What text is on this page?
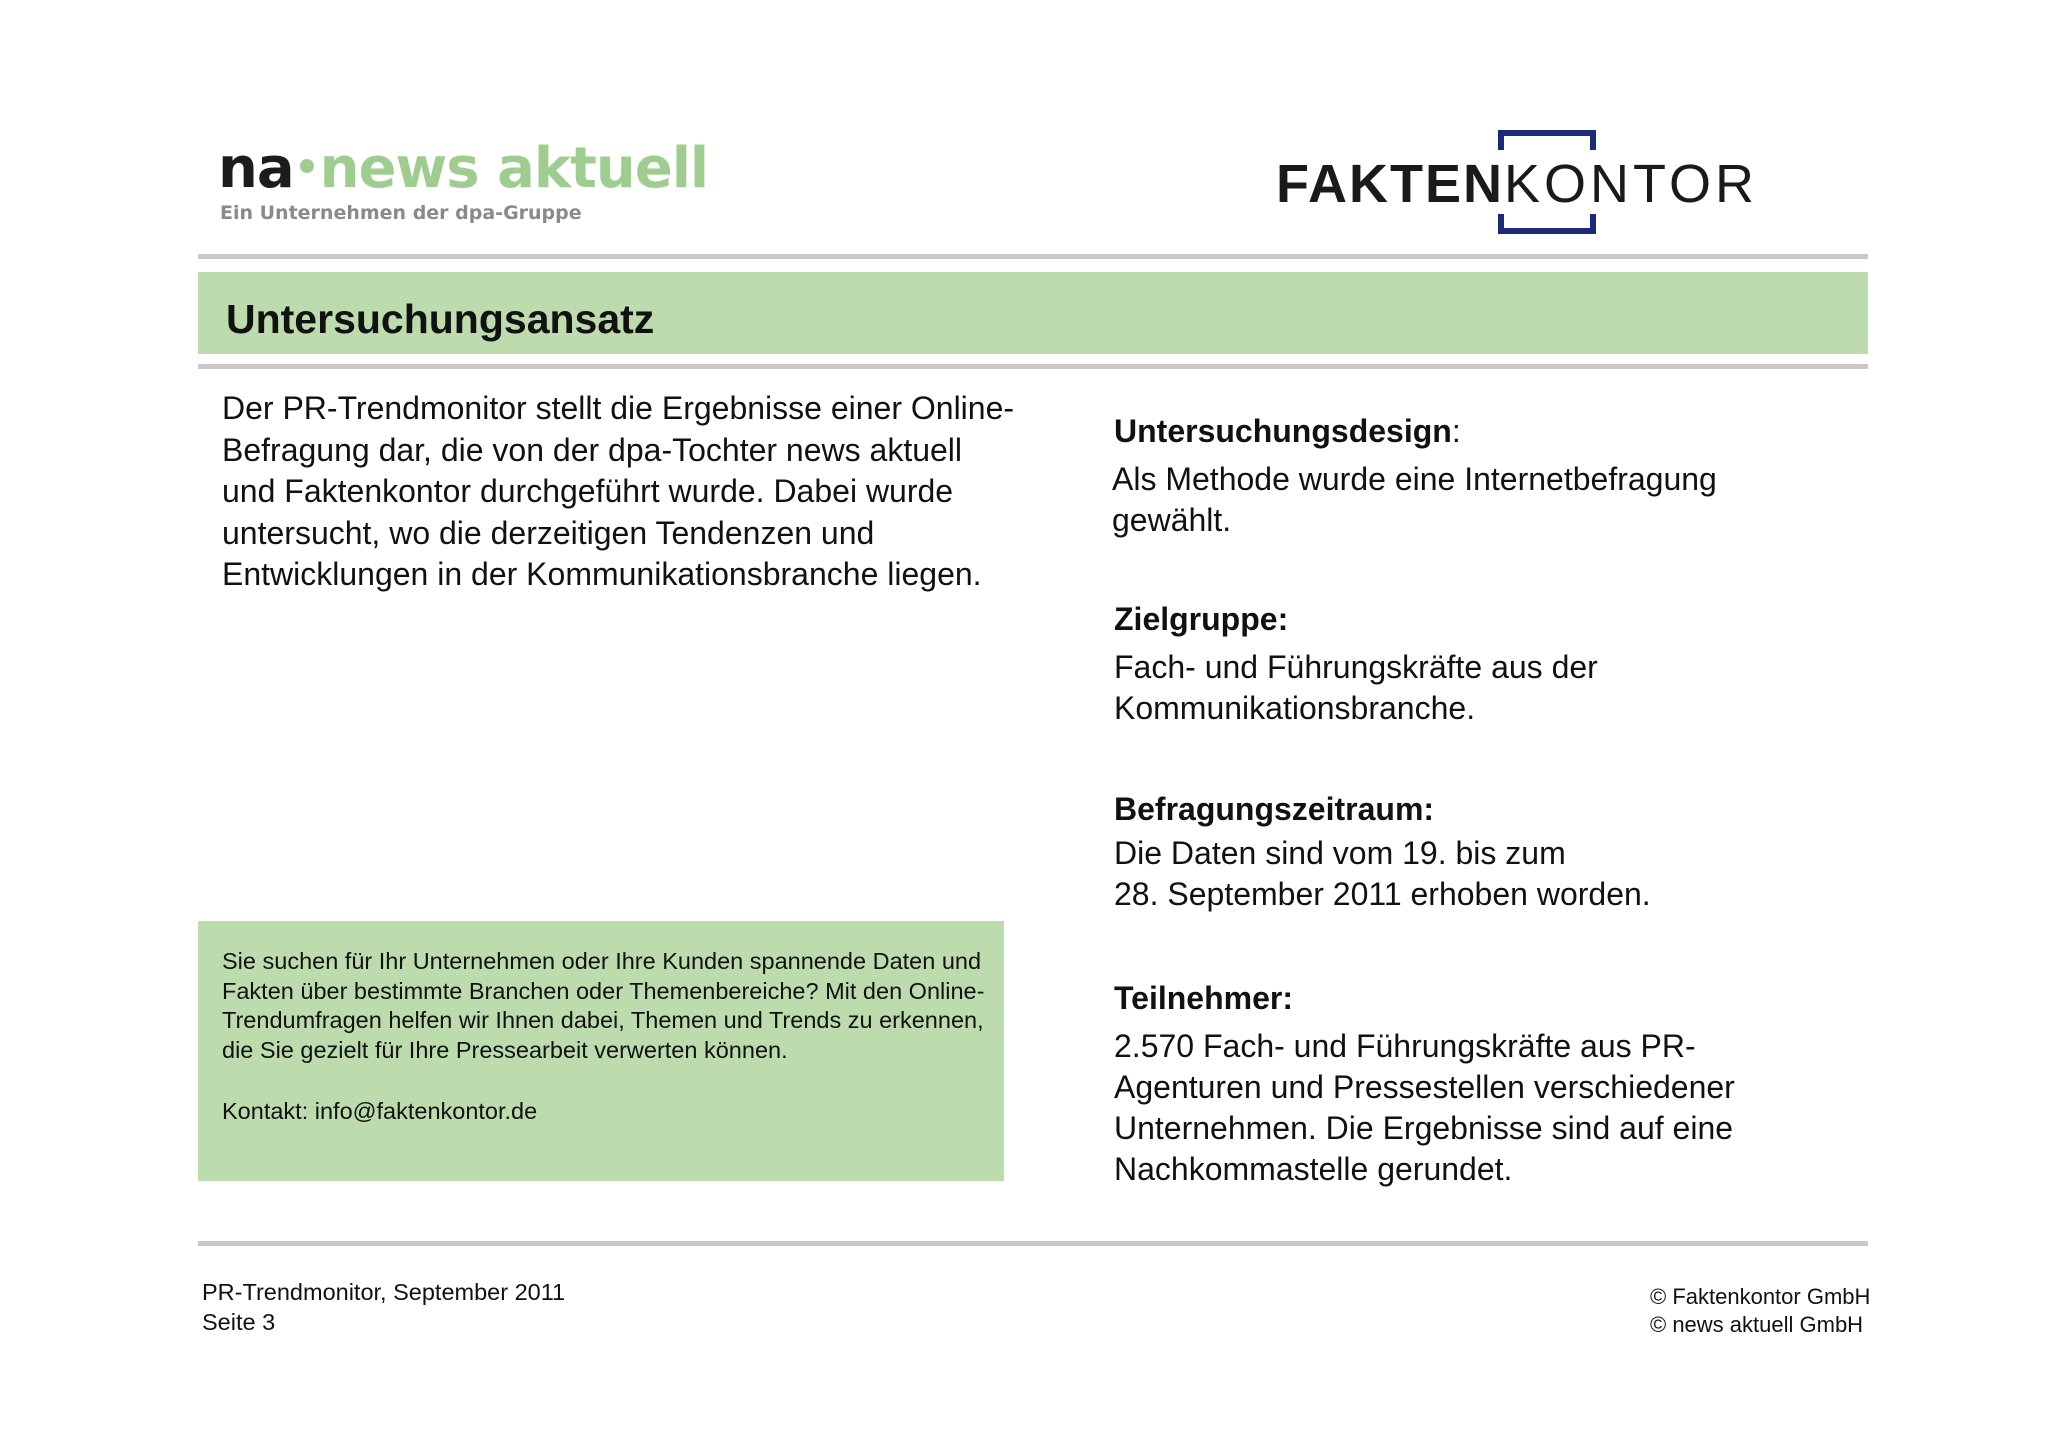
na news aktuell
Ein Unternehmen der dpa-Gruppe	FAKTENKONTOR
Untersuchungsansatz
Der PR-Trendmonitor stellt die Ergebnisse einer Online-Befragung dar, die von der dpa-Tochter news aktuell und Faktenkontor durchgeführt wurde. Dabei wurde untersucht, wo die derzeitigen Tendenzen und Entwicklungen in der Kommunikationsbranche liegen.
Sie suchen für Ihr Unternehmen oder Ihre Kunden spannende Daten und Fakten über bestimmte Branchen oder Themenbereiche? Mit den Online-Trendumfragen helfen wir Ihnen dabei, Themen und Trends zu erkennen, die Sie gezielt für Ihre Pressearbeit verwerten können.
Kontakt: info@faktenkontor.de
Untersuchungsdesign:
Als Methode wurde eine Internetbefragung gewählt.
Zielgruppe:
Fach- und Führungskräfte aus der Kommunikationsbranche.
Befragungszeitraum:
Die Daten sind vom 19. bis zum
28. September 2011 erhoben worden.
Teilnehmer:
2.570 Fach- und Führungskräfte aus PR-Agenturen und Pressestellen verschiedener Unternehmen. Die Ergebnisse sind auf eine Nachkommastelle gerundet.
PR-Trendmonitor, September 2011
Seite 3
© Faktenkontor GmbH
© news aktuell GmbH
